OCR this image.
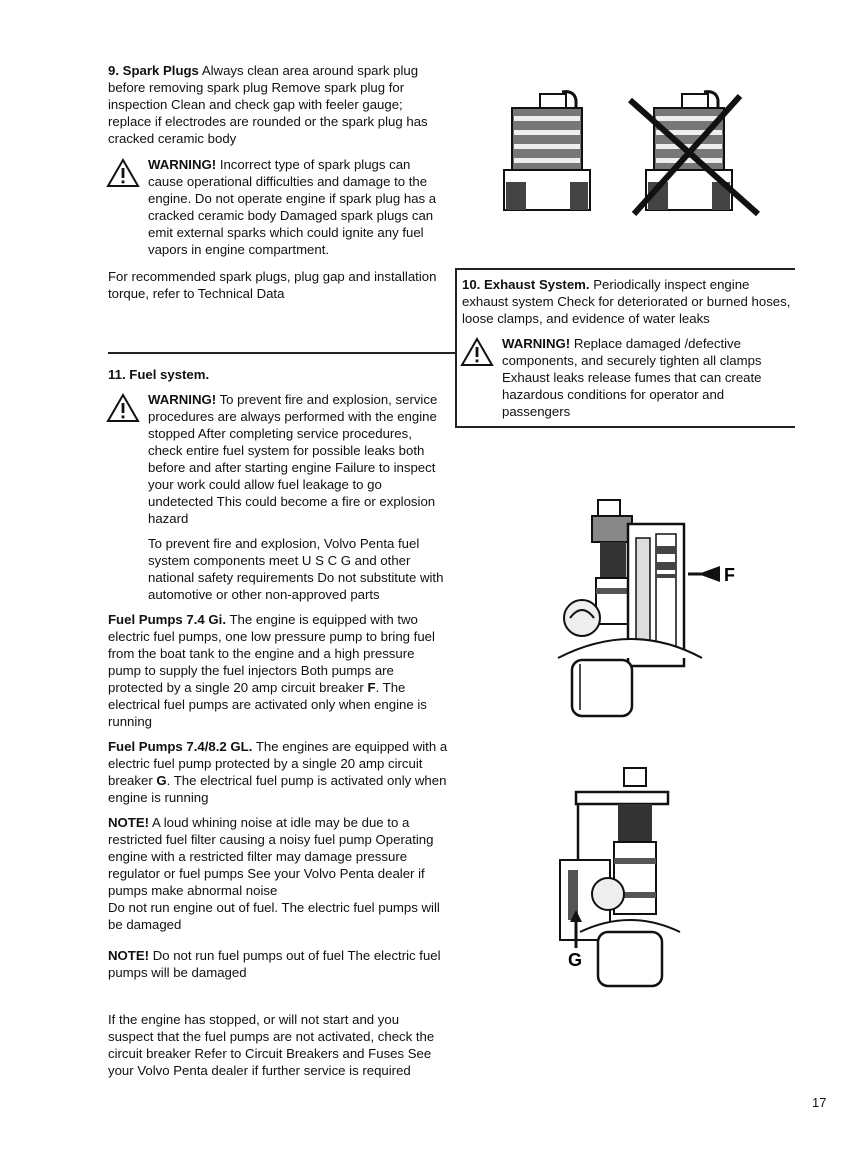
9. Spark Plugs Always clean area around spark plug before removing spark plug Remove spark plug for inspection Clean and check gap with feeler gauge; replace if electrodes are rounded or the spark plug has cracked ceramic body

WARNING! Incorrect type of spark plugs can cause operational difficulties and damage to the engine. Do not operate engine if spark plug has a cracked ceramic body Damaged spark plugs can emit external sparks which could ignite any fuel vapors in engine compartment.

For recommended spark plugs, plug gap and installation torque, refer to Technical Data

10. Exhaust System. Periodically inspect engine exhaust system Check for deteriorated or burned hoses, loose clamps, and evidence of water leaks

WARNING! Replace damaged /defective components, and securely tighten all clamps Exhaust leaks release fumes that can create hazardous conditions for operator and passengers

11. Fuel system.

WARNING! To prevent fire and explosion, service procedures are always performed with the engine stopped After completing service procedures, check entire fuel system for possible leaks both before and after starting engine Failure to inspect your work could allow fuel leakage to go undetected This could become a fire or explosion hazard

To prevent fire and explosion, Volvo Penta fuel system components meet U S C G and other national safety requirements Do not substitute with automotive or other non-approved parts

Fuel Pumps 7.4 Gi. The engine is equipped with two electric fuel pumps, one low pressure pump to bring fuel from the boat tank to the engine and a high pressure pump to supply the fuel injectors Both pumps are protected by a single 20 amp circuit breaker F. The electrical fuel pumps are activated only when engine is running

Fuel Pumps 7.4/8.2 GL. The engines are equipped with a electric fuel pump protected by a single 20 amp circuit breaker G. The electrical fuel pump is activated only when engine is running

NOTE! A loud whining noise at idle may be due to a restricted fuel filter causing a noisy fuel pump Operating engine with a restricted filter may damage pressure regulator or fuel pumps See your Volvo Penta dealer if pumps make abnormal noise

Do not run engine out of fuel. The electric fuel pumps will be damaged

NOTE! Do not run fuel pumps out of fuel The electric fuel pumps will be damaged

If the engine has stopped, or will not start and you suspect that the fuel pumps are not activated, check the circuit breaker Refer to Circuit Breakers and Fuses See your Volvo Penta dealer if further service is required

F
G
17
